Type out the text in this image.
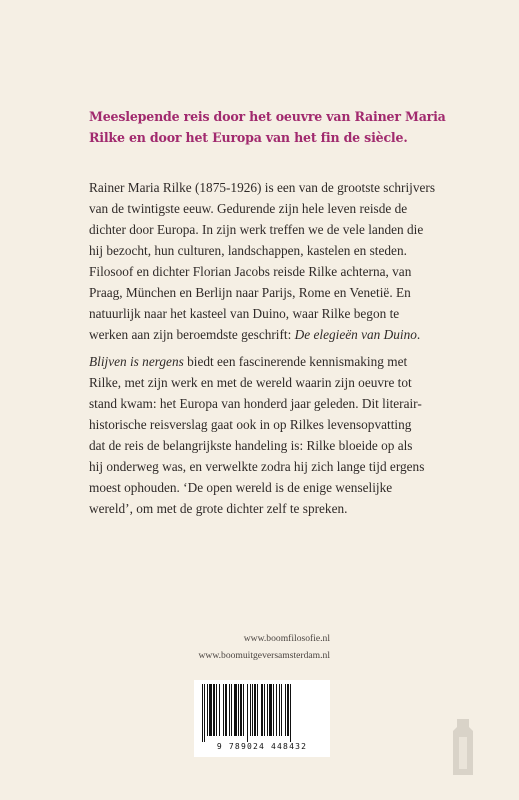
Meeslepende reis door het oeuvre van Rainer Maria
Rilke en door het Europa van het fin de siècle.
Rainer Maria Rilke (1875-1926) is een van de grootste schrijvers
van de twintigste eeuw. Gedurende zijn hele leven reisde de
dichter door Europa. In zijn werk treffen we de vele landen die
hij bezocht, hun culturen, landschappen, kastelen en steden.
Filosoof en dichter Florian Jacobs reisde Rilke achterna, van
Praag, München en Berlijn naar Parijs, Rome en Venetië. En
natuurlijk naar het kasteel van Duino, waar Rilke begon te
werken aan zijn beroemdste geschrift: De elegieën van Duino.
Blijven is nergens biedt een fascinerende kennismaking met
Rilke, met zijn werk en met de wereld waarin zijn oeuvre tot
stand kwam: het Europa van honderd jaar geleden. Dit literair-
historische reisverslag gaat ook in op Rilkes levensopvatting
dat de reis de belangrijkste handeling is: Rilke bloeide op als
hij onderweg was, en verwelkte zodra hij zich lange tijd ergens
moest ophouden. ‘De open wereld is de enige wenselijke
wereld’, om met de grote dichter zelf te spreken.
www.boomfilosofie.nl
www.boomuitgeversamsterdam.nl
9 789024 448432
